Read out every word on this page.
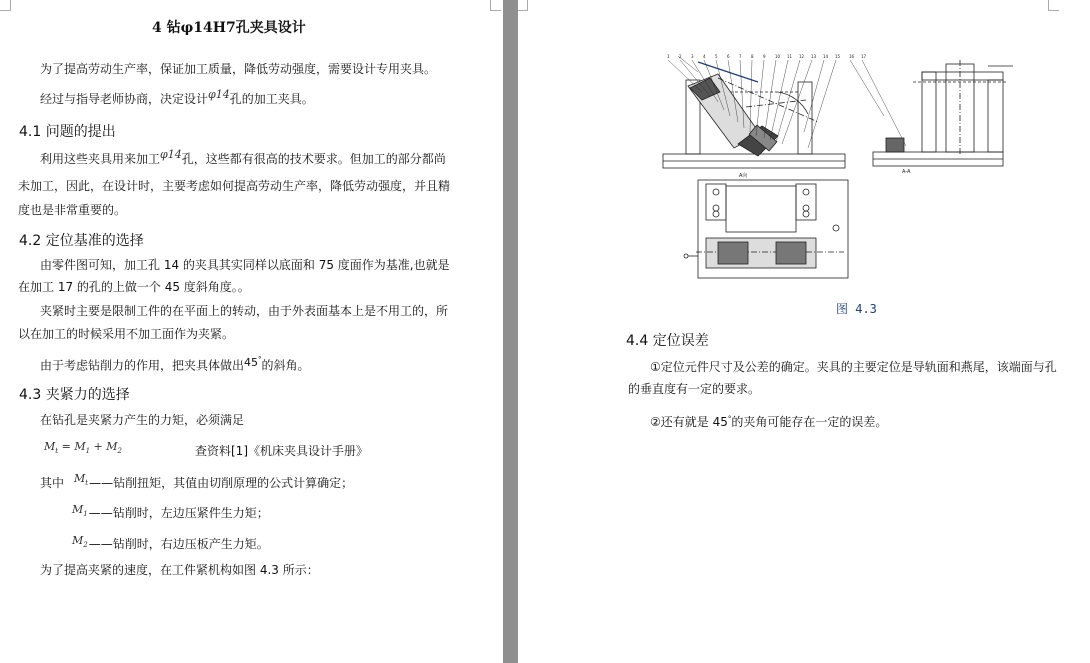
4 钻φ14H7孔夹具设计
为了提高劳动生产率，保证加工质量，降低劳动强度，需要设计专用夹具。
经过与指导老师协商，决定设计φ14孔的加工夹具。
4.1 问题的提出
利用这些夹具用来加工φ14孔，这些都有很高的技术要求。但加工的部分都尚
未加工，因此，在设计时，主要考虑如何提高劳动生产率，降低劳动强度，并且精
度也是非常重要的。
4.2 定位基准的选择
由零件图可知，加工孔 14 的夹具其实同样以底面和 75 度面作为基准,也就是
在加工 17 的孔的上做一个 45 度斜角度。。
夹紧时主要是限制工件的在平面上的转动，由于外表面基本上是不用工的，所
以在加工的时候采用不加工面作为夹紧。
由于考虑钻削力的作用，把夹具体做出45°的斜角。
4.3 夹紧力的选择
在钻孔是夹紧力产生的力矩，必须满足
$M_t = M_1 + M_2$	查资料[1]《机床夹具设计手册》
其中 $M_t——$钻削扭矩，其值由切削原理的公式计算确定；
$M_1——$钻削时，左边压紧件生力矩；
$M_2——$钻削时，右边压板产生力矩。
为了提高夹紧的速度，在工件紧机构如图 4.3 所示：
A向
A-A
1 2 3 4 5 6 7 8 9 10 11 12 13 14 15 16 17
图 4.3
4.4 定位误差
①定位元件尺寸及公差的确定。夹具的主要定位是导轨面和燕尾，该端面与孔
的垂直度有一定的要求。
②还有就是 45°的夹角可能存在一定的误差。
